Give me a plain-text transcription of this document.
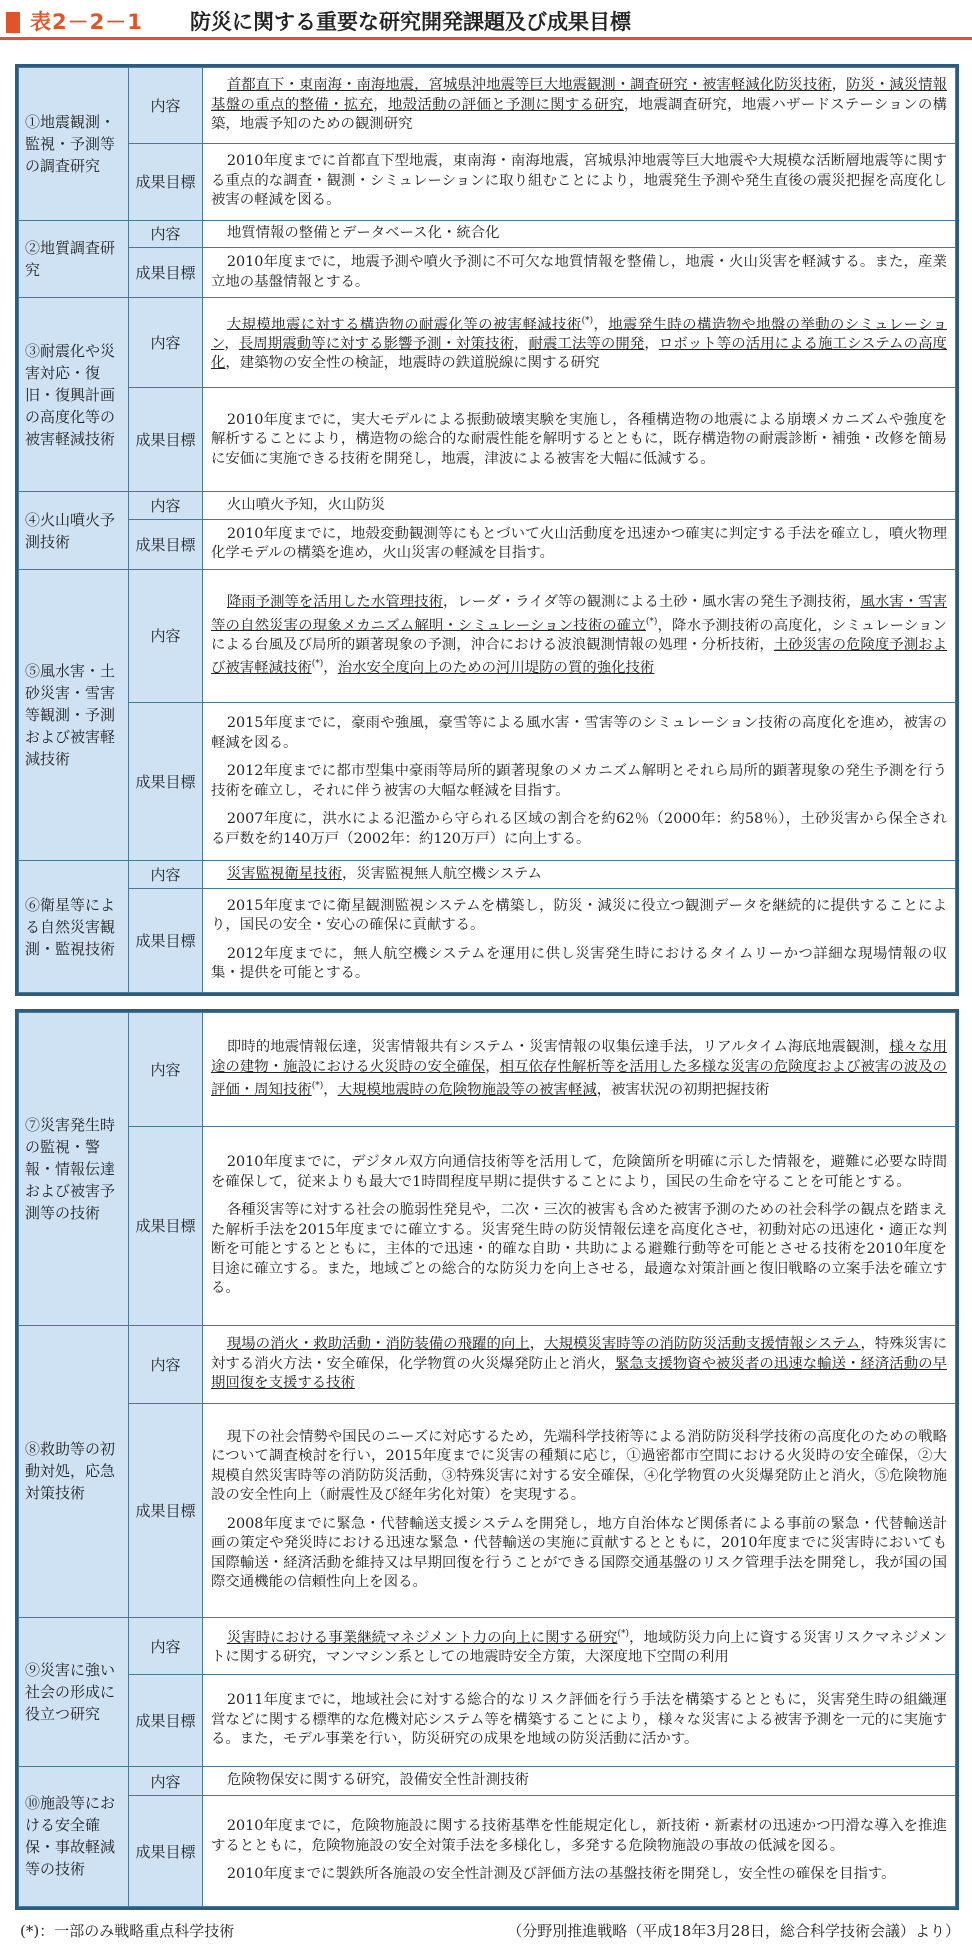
表2－2－1 防災に関する重要な研究開発課題及び成果目標
①地震観測・監視・予測等の調査研究	内容	首都直下・東南海・南海地震，宮城県沖地震等巨大地震観測・調査研究・被害軽減化防災技術，防災・減災情報基盤の重点的整備・拡充，地殻活動の評価と予測に関する研究，地震調査研究，地震ハザードステーションの構築，地震予知のための観測研究

	成果目標	2010年度までに首都直下型地震，東南海・南海地震，宮城県沖地震等巨大地震や大規模な活断層地震等に関する重点的な調査・観測・シミュレーションに取り組むことにより，地震発生予測や発生直後の震災把握を高度化し被害の軽減を図る。

②地質調査研究	内容	地質情報の整備とデータベース化・統合化

	成果目標	2010年度までに，地震予測や噴火予測に不可欠な地質情報を整備し，地震・火山災害を軽減する。また，産業立地の基盤情報とする。

③耐震化や災害対応・復旧・復興計画の高度化等の被害軽減技術	内容	大規模地震に対する構造物の耐震化等の被害軽減技術(*)，地震発生時の構造物や地盤の挙動のシミュレーション，長周期震動等に対する影響予測・対策技術，耐震工法等の開発，ロボット等の活用による施工システムの高度化，建築物の安全性の検証，地震時の鉄道脱線に関する研究

	成果目標	2010年度までに，実大モデルによる振動破壊実験を実施し，各種構造物の地震による崩壊メカニズムや強度を解析することにより，構造物の総合的な耐震性能を解明するとともに，既存構造物の耐震診断・補強・改修を簡易に安価に実施できる技術を開発し，地震，津波による被害を大幅に低減する。

④火山噴火予測技術	内容	火山噴火予知，火山防災

	成果目標	2010年度までに，地殻変動観測等にもとづいて火山活動度を迅速かつ確実に判定する手法を確立し，噴火物理化学モデルの構築を進め，火山災害の軽減を目指す。

⑤風水害・土砂災害・雪害等観測・予測および被害軽減技術	内容	降雨予測等を活用した水管理技術，レーダ・ライダ等の観測による土砂・風水害の発生予測技術，風水害・雪害等の自然災害の現象メカニズム解明・シミュレーション技術の確立(*)，降水予測技術の高度化，シミュレーションによる台風及び局所的顕著現象の予測，沖合における波浪観測情報の処理・分析技術，土砂災害の危険度予測および被害軽減技術(*)，治水安全度向上のための河川堤防の質的強化技術

	成果目標	2015年度までに，豪雨や強風，豪雪等による風水害・雪害等のシミュレーション技術の高度化を進め，被害の軽減を図る。

2012年度までに都市型集中豪雨等局所的顕著現象のメカニズム解明とそれら局所的顕著現象の発生予測を行う技術を確立し，それに伴う被害の大幅な軽減を目指す。

2007年度に，洪水による氾濫から守られる区域の割合を約62％（2000年：約58％），土砂災害から保全される戸数を約140万戸（2002年：約120万戸）に向上する。

⑥衛星等による自然災害観測・監視技術	内容	災害監視衛星技術，災害監視無人航空機システム

	成果目標	2015年度までに衛星観測監視システムを構築し，防災・減災に役立つ観測データを継続的に提供することにより，国民の安全・安心の確保に貢献する。

2012年度までに，無人航空機システムを運用に供し災害発生時におけるタイムリーかつ詳細な現場情報の収集・提供を可能とする。

⑦災害発生時の監視・警報・情報伝達および被害予測等の技術	内容	即時的地震情報伝達，災害情報共有システム・災害情報の収集伝達手法，リアルタイム海底地震観測，様々な用途の建物・施設における火災時の安全確保，相互依存性解析等を活用した多様な災害の危険度および被害の波及の評価・周知技術(*)，大規模地震時の危険物施設等の被害軽減，被害状況の初期把握技術

	成果目標	2010年度までに，デジタル双方向通信技術等を活用して，危険箇所を明確に示した情報を，避難に必要な時間を確保して，従来よりも最大で1時間程度早期に提供することにより，国民の生命を守ることを可能とする。

各種災害等に対する社会の脆弱性発見や，二次・三次的被害も含めた被害予測のための社会科学の観点を踏まえた解析手法を2015年度までに確立する。災害発生時の防災情報伝達を高度化させ，初動対応の迅速化・適正な判断を可能とするとともに，主体的で迅速・的確な自助・共助による避難行動等を可能とさせる技術を2010年度を目途に確立する。また，地域ごとの総合的な防災力を向上させる，最適な対策計画と復旧戦略の立案手法を確立する。

⑧救助等の初動対処，応急対策技術	内容	現場の消火・救助活動・消防装備の飛躍的向上，大規模災害時等の消防防災活動支援情報システム，特殊災害に対する消火方法・安全確保，化学物質の火災爆発防止と消火，緊急支援物資や被災者の迅速な輸送・経済活動の早期回復を支援する技術

	成果目標	現下の社会情勢や国民のニーズに対応するため，先端科学技術等による消防防災科学技術の高度化のための戦略について調査検討を行い，2015年度までに災害の種類に応じ，①過密都市空間における火災時の安全確保，②大規模自然災害時等の消防防災活動，③特殊災害に対する安全確保，④化学物質の火災爆発防止と消火，⑤危険物施設の安全性向上（耐震性及び経年劣化対策）を実現する。

2008年度までに緊急・代替輸送支援システムを開発し，地方自治体など関係者による事前の緊急・代替輸送計画の策定や発災時における迅速な緊急・代替輸送の実施に貢献するとともに，2010年度までに災害時においても国際輸送・経済活動を維持又は早期回復を行うことができる国際交通基盤のリスク管理手法を開発し，我が国の国際交通機能の信頼性向上を図る。

⑨災害に強い社会の形成に役立つ研究	内容	災害時における事業継続マネジメント力の向上に関する研究(*)，地域防災力向上に資する災害リスクマネジメントに関する研究，マンマシン系としての地震時安全方策，大深度地下空間の利用

	成果目標	2011年度までに，地域社会に対する総合的なリスク評価を行う手法を構築するとともに，災害発生時の組織運営などに関する標準的な危機対応システム等を構築することにより，様々な災害による被害予測を一元的に実施する。また，モデル事業を行い，防災研究の成果を地域の防災活動に活かす。

⑩施設等における安全確保・事故軽減等の技術	内容	危険物保安に関する研究，設備安全性計測技術

	成果目標	2010年度までに，危険物施設に関する技術基準を性能規定化し，新技術・新素材の迅速かつ円滑な導入を推進するとともに，危険物施設の安全対策手法を多様化し，多発する危険物施設の事故の低減を図る。

2010年度までに製鉄所各施設の安全性計測及び評価方法の基盤技術を開発し，安全性の確保を目指す。

(*)：一部のみ戦略重点科学技術	（分野別推進戦略（平成18年3月28日，総合科学技術会議）より）
